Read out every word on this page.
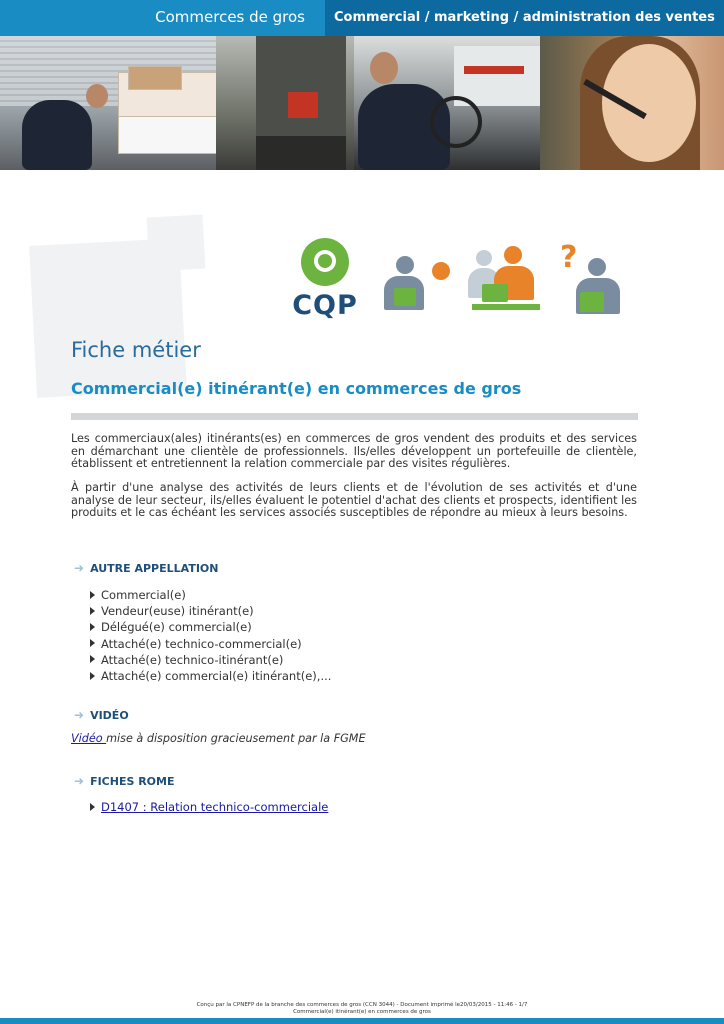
Commerces de gros Commercial / marketing / administration des ventes
CQP
?
Fiche métier
Commercial(e) itinérant(e) en commerces de gros
Les commerciaux(ales) itinérants(es) en commerces de gros vendent des produits et des services en démarchant une clientèle de professionnels. Ils/elles développent un portefeuille de clientèle, établissent et entretiennent la relation commerciale par des visites régulières.
À partir d'une analyse des activités de leurs clients et de l'évolution de ses activités et d'une analyse de leur secteur, ils/elles évaluent le potentiel d'achat des clients et prospects, identifient les produits et le cas échéant les services associés susceptibles de répondre au mieux à leurs besoins.
➜ AUTRE APPELLATION
Commercial(e)
Vendeur(euse) itinérant(e)
Délégué(e) commercial(e)
Attaché(e) technico-commercial(e)
Attaché(e) technico-itinérant(e)
Attaché(e) commercial(e) itinérant(e),...
➜ VIDÉO
Vidéo mise à disposition gracieusement par la FGME
➜ FICHES ROME
D1407 : Relation technico-commerciale
Conçu par la CPNEFP de la branche des commerces de gros (CCN 3044) - Document imprimé le20/03/2015 - 11:46 - 1/7
Commercial(e) itinérant(e) en commerces de gros
